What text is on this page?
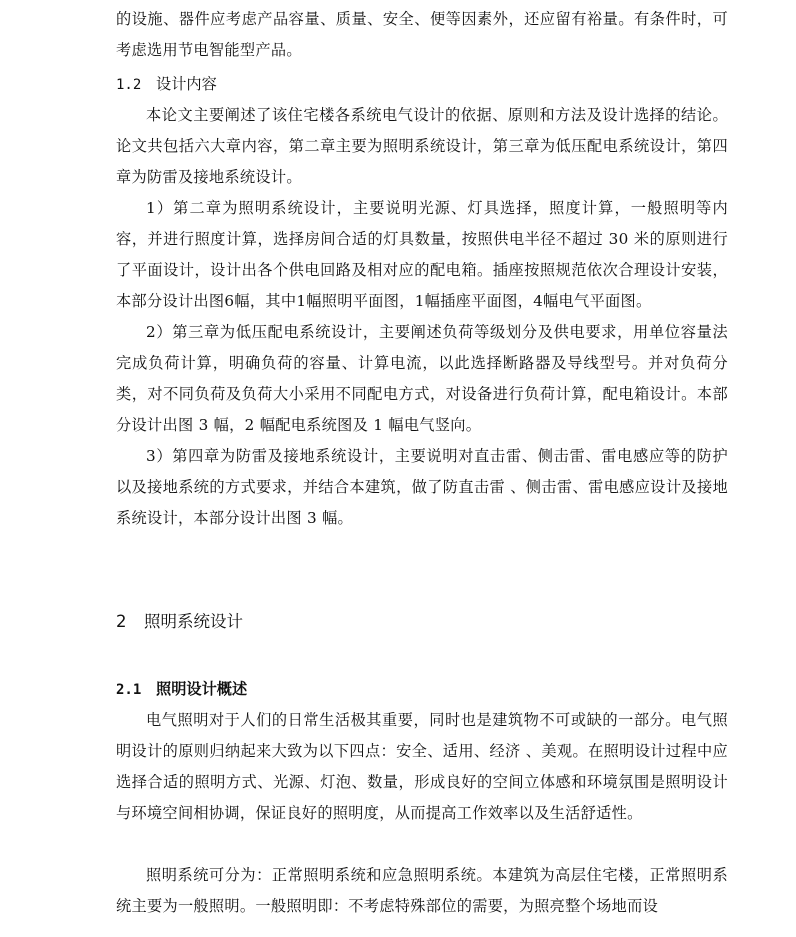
的设施、器件应考虑产品容量、质量、安全、便等因素外，还应留有裕量。有条件时，可考虑选用节电智能型产品。

1.2 设计内容

本论文主要阐述了该住宅楼各系统电气设计的依据、原则和方法及设计选择的结论。论文共包括六大章内容，第二章主要为照明系统设计，第三章为低压配电系统设计，第四章为防雷及接地系统设计。

1）第二章为照明系统设计，主要说明光源、灯具选择，照度计算，一般照明等内容，并进行照度计算，选择房间合适的灯具数量，按照供电半径不超过 30 米的原则进行了平面设计，设计出各个供电回路及相对应的配电箱。插座按照规范依次合理设计安装，本部分设计出图6幅，其中1幅照明平面图，1幅插座平面图，4幅电气平面图。

2）第三章为低压配电系统设计，主要阐述负荷等级划分及供电要求，用单位容量法完成负荷计算，明确负荷的容量、计算电流，以此选择断路器及导线型号。并对负荷分类，对不同负荷及负荷大小采用不同配电方式，对设备进行负荷计算，配电箱设计。本部分设计出图 3 幅，2 幅配电系统图及 1 幅电气竖向。

3）第四章为防雷及接地系统设计，主要说明对直击雷、侧击雷、雷电感应等的防护以及接地系统的方式要求，并结合本建筑，做了防直击雷 、侧击雷、雷电感应设计及接地系统设计，本部分设计出图 3 幅。

2 照明系统设计
2.1 照明设计概述

电气照明对于人们的日常生活极其重要，同时也是建筑物不可或缺的一部分。电气照明设计的原则归纳起来大致为以下四点：安全、适用、经济 、美观。在照明设计过程中应选择合适的照明方式、光源、灯泡、数量，形成良好的空间立体感和环境氛围是照明设计与环境空间相协调，保证良好的照明度，从而提高工作效率以及生活舒适性。

照明系统可分为：正常照明系统和应急照明系统。本建筑为高层住宅楼，正常照明系统主要为一般照明。一般照明即：不考虑特殊部位的需要，为照亮整个场地而设
